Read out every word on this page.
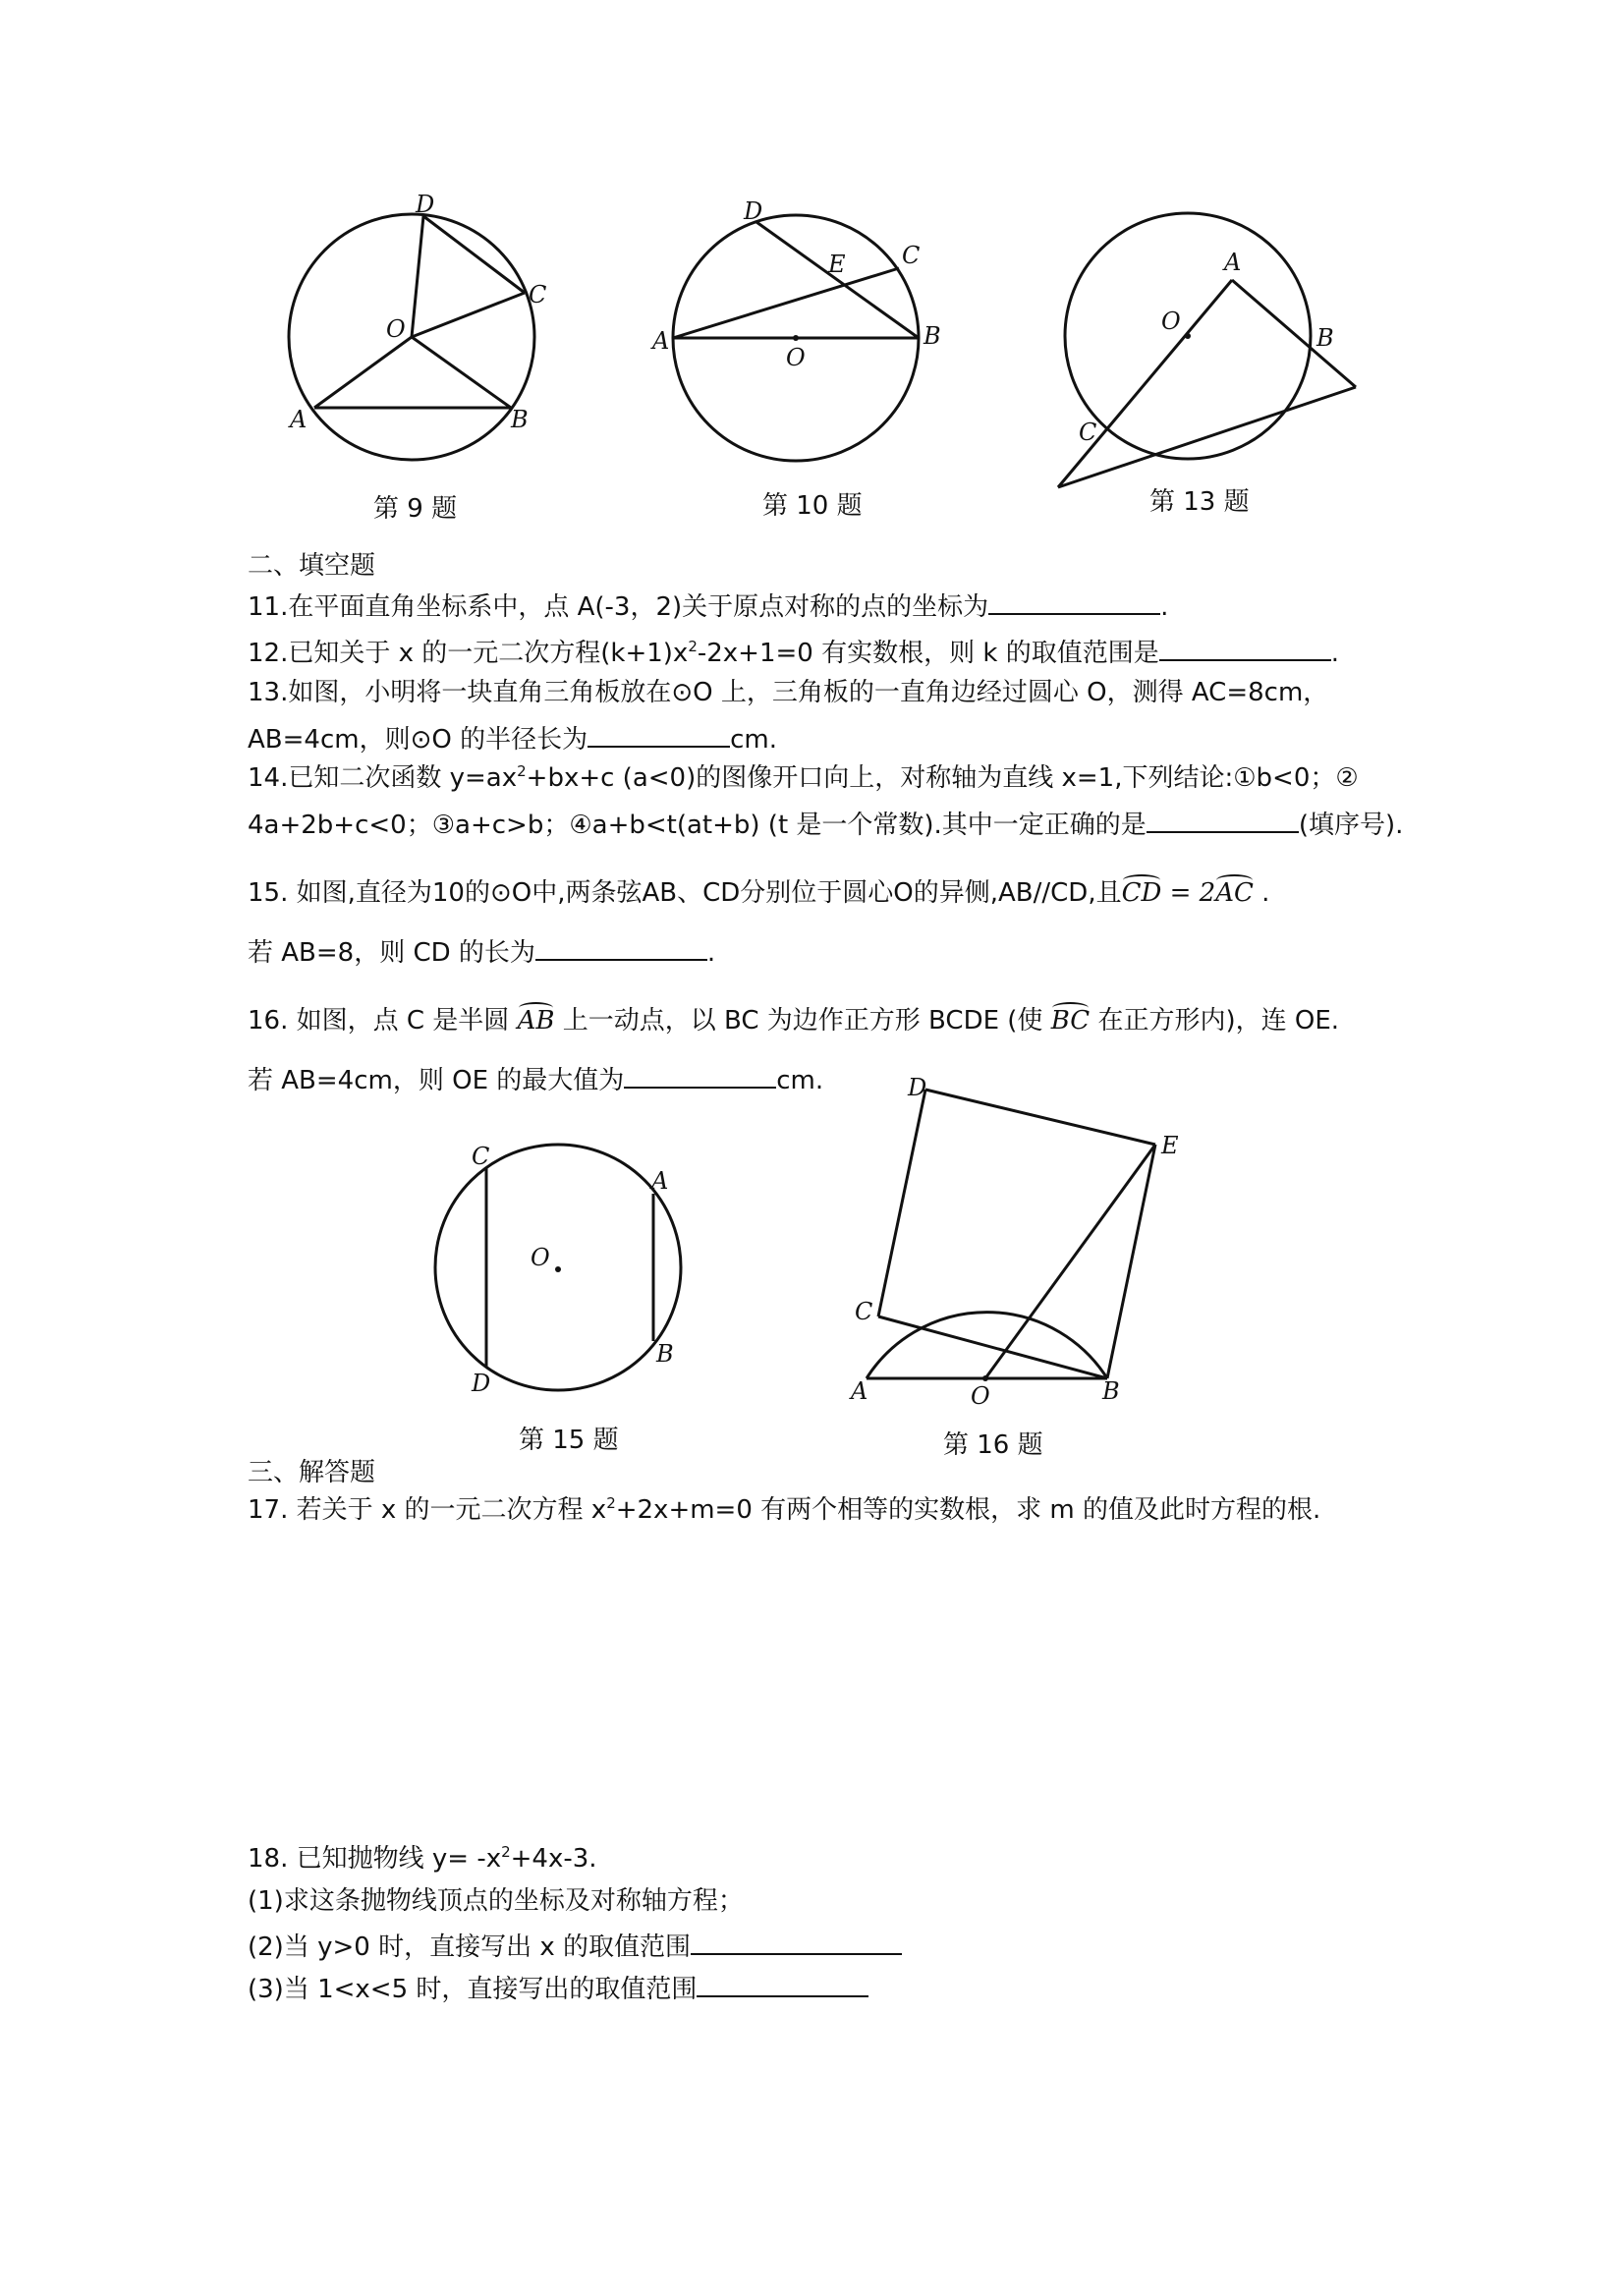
D
C
O
A	B
第 9 题
D
E C
A
O
B
第 10 题
A
O
B
C
第 13 题
二、填空题
11.在平面直角坐标系中，点 A(-3，2)关于原点对称的点的坐标为	.
12.已知关于 x 的一元二次方程$(k+1)x^2-2x+1=0$ 有实数根，则 k 的取值范围是	.
13.如图，小明将一块直角三角板放在⊙O 上，三角板的一直角边经过圆心 O，测得 AC=8cm，
AB=4cm，则⊙O 的半径长为	cm.
14.已知二次函数 $y=ax^2+bx+c$ (a<0)的图像开口向上，对称轴为直线 x=1,下列结论:①b<0；②
4a+2b+c<0；③a+c>b；④a+b<t(at+b) (t 是一个常数).其中一定正确的是	(填序号).
15. 如图,直径为10的⊙O中,两条弦AB、CD分别位于圆心O的异侧,AB//CD,且CD = 2AC .
若 AB=8，则 CD 的长为	.
16. 如图，点 C 是半圆 AB 上一动点，以 BC 为边作正方形 BCDE (使 BC 在正方形内)，连 OE.
若 AB=4cm，则 OE 的最大值为	cm.
C
A
O
D
B
第 15 题
D
E
C
A	O	B
第 16 题
三、解答题
17. 若关于 x 的一元二次方程 $x^2+2x+m=0$ 有两个相等的实数根，求 m 的值及此时方程的根.
18. 已知抛物线 $y= -x^2+4x-3$.
(1)求这条抛物线顶点的坐标及对称轴方程；
(2)当 y>0 时，直接写出 x 的取值范围
(3)当 1<x<5 时，直接写出的取值范围
